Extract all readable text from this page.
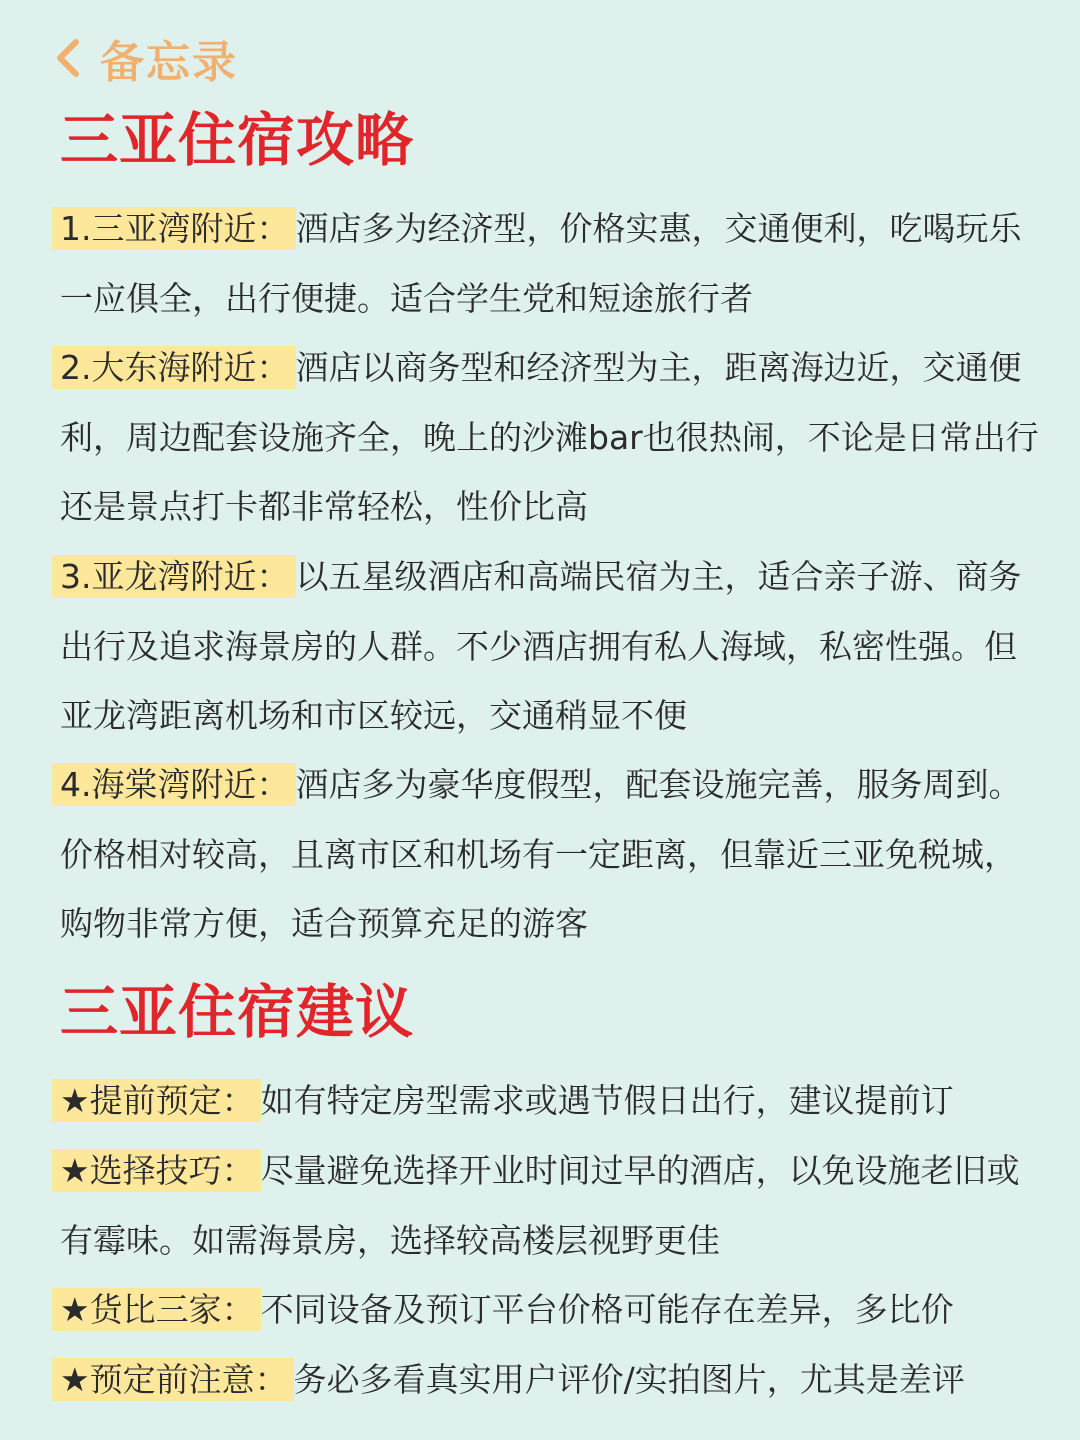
备忘录
三亚住宿攻略
1.三亚湾附近： 酒店多为经济型，价格实惠，交通便利，吃喝玩乐一应俱全，出行便捷。适合学生党和短途旅行者
2.大东海附近： 酒店以商务型和经济型为主，距离海边近，交通便利，周边配套设施齐全，晚上的沙滩bar也很热闹，不论是日常出行还是景点打卡都非常轻松，性价比高
3.亚龙湾附近： 以五星级酒店和高端民宿为主，适合亲子游、商务出行及追求海景房的人群。不少酒店拥有私人海域，私密性强。但亚龙湾距离机场和市区较远，交通稍显不便
4.海棠湾附近： 酒店多为豪华度假型，配套设施完善，服务周到。价格相对较高，且离市区和机场有一定距离，但靠近三亚免税城，购物非常方便，适合预算充足的游客
三亚住宿建议
★提前预定： 如有特定房型需求或遇节假日出行，建议提前订
★选择技巧： 尽量避免选择开业时间过早的酒店，以免设施老旧或有霉味。如需海景房，选择较高楼层视野更佳
★货比三家： 不同设备及预订平台价格可能存在差异，多比价
★预定前注意： 务必多看真实用户评价/实拍图片，尤其是差评
